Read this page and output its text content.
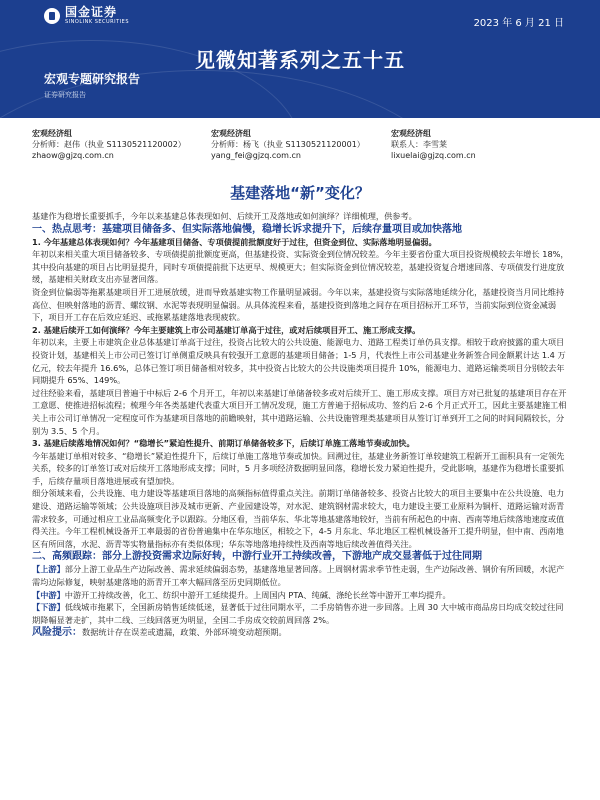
国金证券
SINOLINK SECURITIES	2023 年 6 月 21 日
见微知著系列之五十五
宏观专题研究报告
证券研究报告
宏观经济组
分析师：赵伟（执业 S1130521120002）
zhaow@gjzq.com.cn
宏观经济组
分析师：杨飞（执业 S1130521120001）
yang_fei@gjzq.com.cn
宏观经济组
联系人：李雪莱
lixuelai@gjzq.com.cn
基建落地“新”变化？

基建作为稳增长重要抓手，今年以来基建总体表现如何、后续开工及落地或如何演绎？详细梳理，供参考。

一、热点思考：基建项目储备多、但实际落地偏慢，稳增长诉求提升下，后续存量项目或加快落地

1. 今年基建总体表现如何？今年基建项目储备、专项债提前批额度好于过往，但资金到位、实际落地明显偏弱。

年初以来相关重大项目储备较多、专项债提前批额度更高，但基建投资、实际资金到位情况较差。今年主要省份重大项目投资规模较去年增长 18%，其中投向基建的项目占比明显提升，同时专项债提前批下达更早、规模更大；但实际资金到位情况较差，基建投资复合增速回落、专项债发行进度放缓，基建相关财政支出亦显著回落。

资金到位偏弱等拖累基建项目开工进展放缓，进而导致基建实物工作量明显减弱。今年以来，基建投资与实际落地延续分化，基建投资当月同比维持高位、但映射落地的沥青、螺纹钢、水泥等表现明显偏弱。从具体流程来看，基建投资到落地之间存在项目招标开工环节，当前实际到位资金减弱下，项目开工存在后效应延迟、或拖累基建落地表现疲软。

2. 基建后续开工如何演绎？今年主要建筑上市公司基建订单高于过往，或对后续项目开工、施工形成支撑。

年初以来，主要上市建筑企业总体基建订单高于过往，投资占比较大的公共设施、能源电力、道路工程类订单仍具支撑。相较于政府披露的重大项目投资计划，基建相关上市公司已签订订单侧重反映具有较强开工意愿的基建项目储备；1-5 月，代表性上市公司基建业务新签合同金额累计达 1.4 万亿元，较去年提升 16.6%，总体已签订项目储备相对较多，其中投资占比较大的公共设施类项目提升 10%，能源电力、道路运输类项目分别较去年同期提升 65%、149%。

过往经验来看，基建项目普遍于中标后 2-6 个月开工，年初以来基建订单储备较多或对后续开工、施工形成支撑。项目方对已批复的基建项目存在开工意愿、使推进招标流程；梳理今年各类基建代表重大项目开工情况发现，施工方普遍于招标成功、签约后 2-6 个月正式开工，因此主要基建施工相关上市公司订单情况一定程度可作为基建项目落地的前瞻映射，其中道路运输、公共设施管理类基建项目从签订订单到开工之间的时间间隔较长，分别为 3.5、5 个月。

3. 基建后续落地情况如何？“稳增长”紧迫性提升、前期订单储备较多下，后续订单施工落地节奏或加快。

今年基建订单相对较多、“稳增长”紧迫性提升下，后续订单施工落地节奏或加快。回溯过往，基建业务新签订单较建筑工程新开工面积具有一定领先关系，较多的订单签订或对后续开工落地形成支撑；同时，5 月多项经济数据明显回落，稳增长发力紧迫性提升，受此影响，基建作为稳增长重要抓手，后续存量项目落地进展或有望加快。

细分领域来看，公共设施、电力建设等基建项目落地的高频指标值得重点关注。前期订单储备较多、投资占比较大的项目主要集中在公共设施、电力建设、道路运输等领域；公共设施项目涉及城市更新、产业园建设等，对水泥、建筑钢材需求较大，电力建设主要工业原料为铜杆、道路运输对沥青需求较多，可通过相应工业品高频变化予以跟踪。分地区看，当前华东、华北等地基建落地较好，当前有所起色的中南、西南等地后续落地速度或值得关注。今年工程机械设备开工率最弱的省份普遍集中在华东地区，相较之下，4-5 月东北、华北地区工程机械设备开工提升明显，但中南、西南地区有所回落，水泥、沥青等实物量指标亦有类似体现；华东等地落地持续性及西南等地后续改善值得关注。

二、高频跟踪：部分上游投资需求边际好转，中游行业开工持续改善，下游地产成交显著低于过往同期

【上游】部分上游工业品生产边际改善、需求延续偏弱态势，基建落地显著回落。上周钢材需求季节性走弱，生产边际改善、钢价有所回暖，水泥产需均边际修复，映射基建落地的沥青开工率大幅回落至历史同期低位。

【中游】中游开工持续改善，化工、纺织中游开工延续提升。上周国内 PTA、纯碱、涤纶长丝等中游开工率均提升。

【下游】低线城市拖累下，全国新房销售延续低迷，显著低于过往同期水平，二手房销售亦进一步回落。上周 30 大中城市商品房日均成交较过往同期降幅显著走扩，其中二线、三线回落更为明显，全国二手房成交较前周回落 2%。

风险提示：数据统计存在误差或遗漏，政策、外部环境变动超预期。
